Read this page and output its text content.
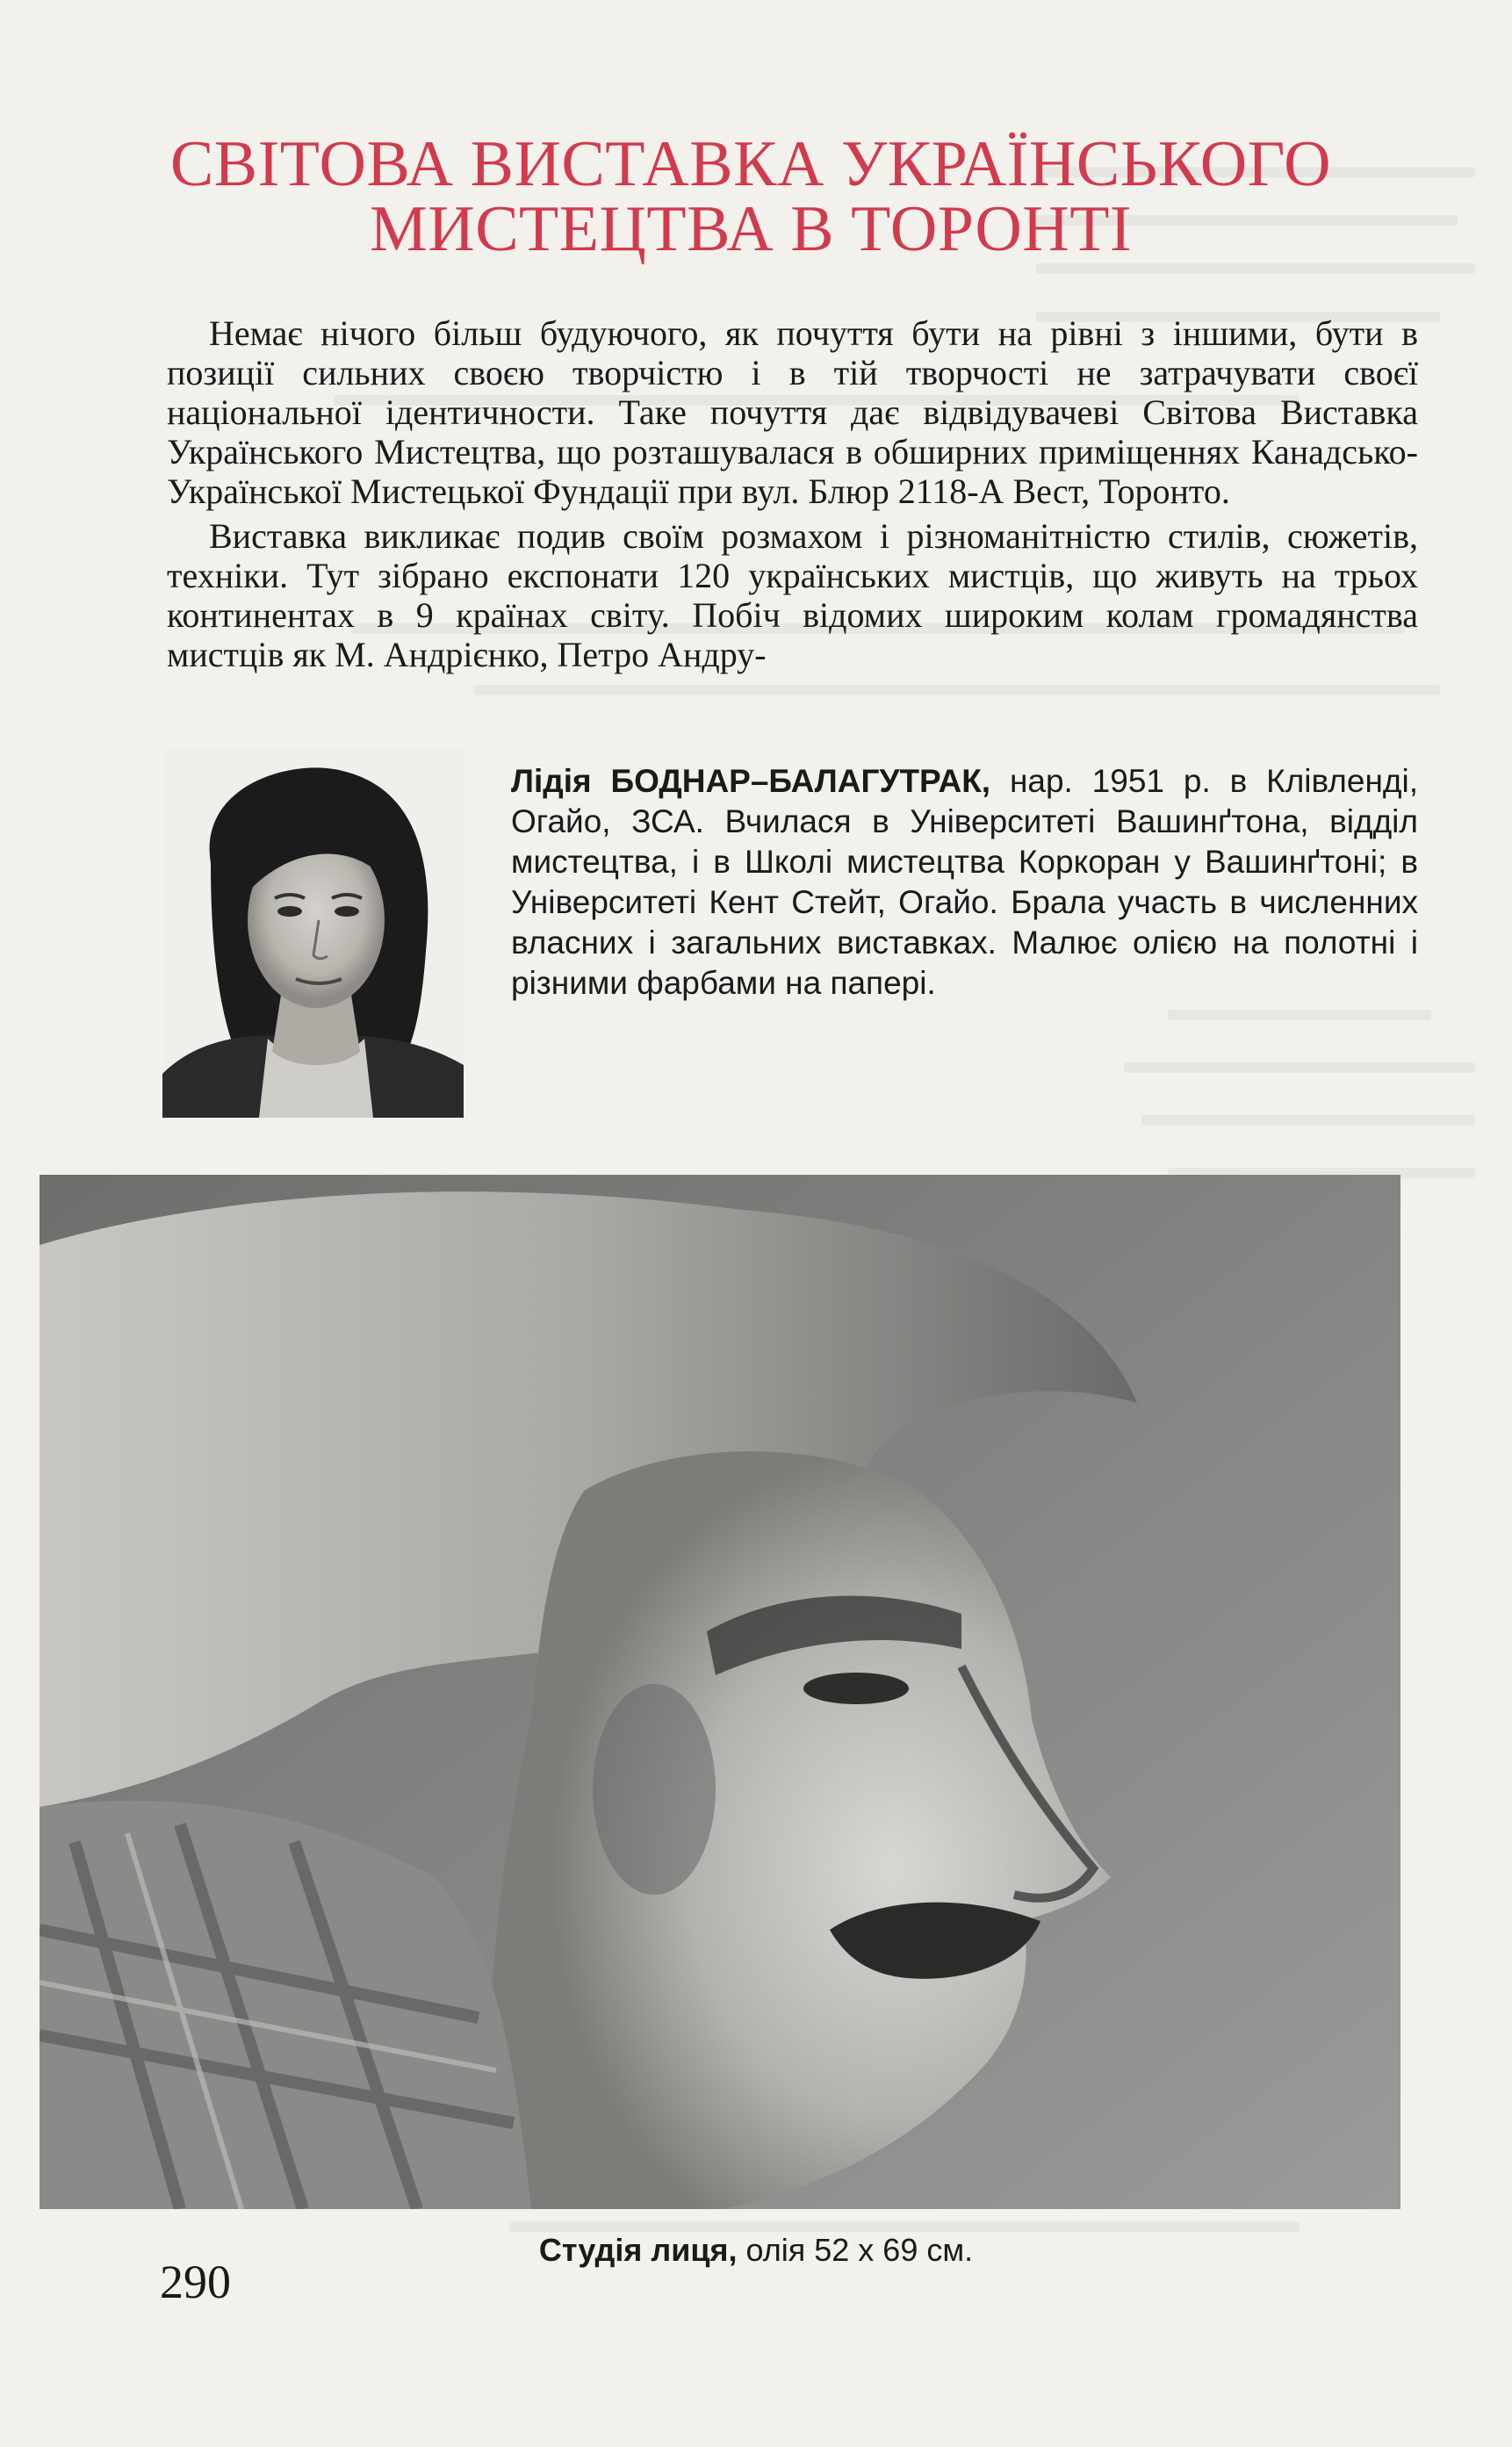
СВІТОВА ВИСТАВКА УКРАЇНСЬКОГО
МИСТЕЦТВА В ТОРОНТІ

Немає нічого більш будуючого, як почуття бути на рівні з іншими, бути в позиції сильних своєю творчістю і в тій творчості не затрачувати своєї національної ідентичности. Таке почуття дає відвідувачеві Світова Виставка Українського Мистецтва, що розташувалася в обширних приміщеннях Канадсько-Української Мистецької Фундації при вул. Блюр 2118-А Вест, Торонто.

Виставка викликає подив своїм розмахом і різноманітністю стилів, сюжетів, техніки. Тут зібрано експонати 120 українських мистців, що живуть на трьох континентах в 9 країнах світу. Побіч відомих широким колам громадянства мистців як М. Андрієнко, Петро Андру-

Лідія БОДНАР–БАЛАГУТРАК, нар. 1951 р. в Клівленді, Огайо, ЗСА. Вчилася в Університеті Вашинґтона, відділ мистецтва, і в Школі мистецтва Коркоран у Вашинґтоні; в Університеті Кент Стейт, Огайо. Брала участь в численних власних і загальних виставках. Малює олією на полотні і різними фарбами на папері.
Студія лиця, олія 52 х 69 см.
290
